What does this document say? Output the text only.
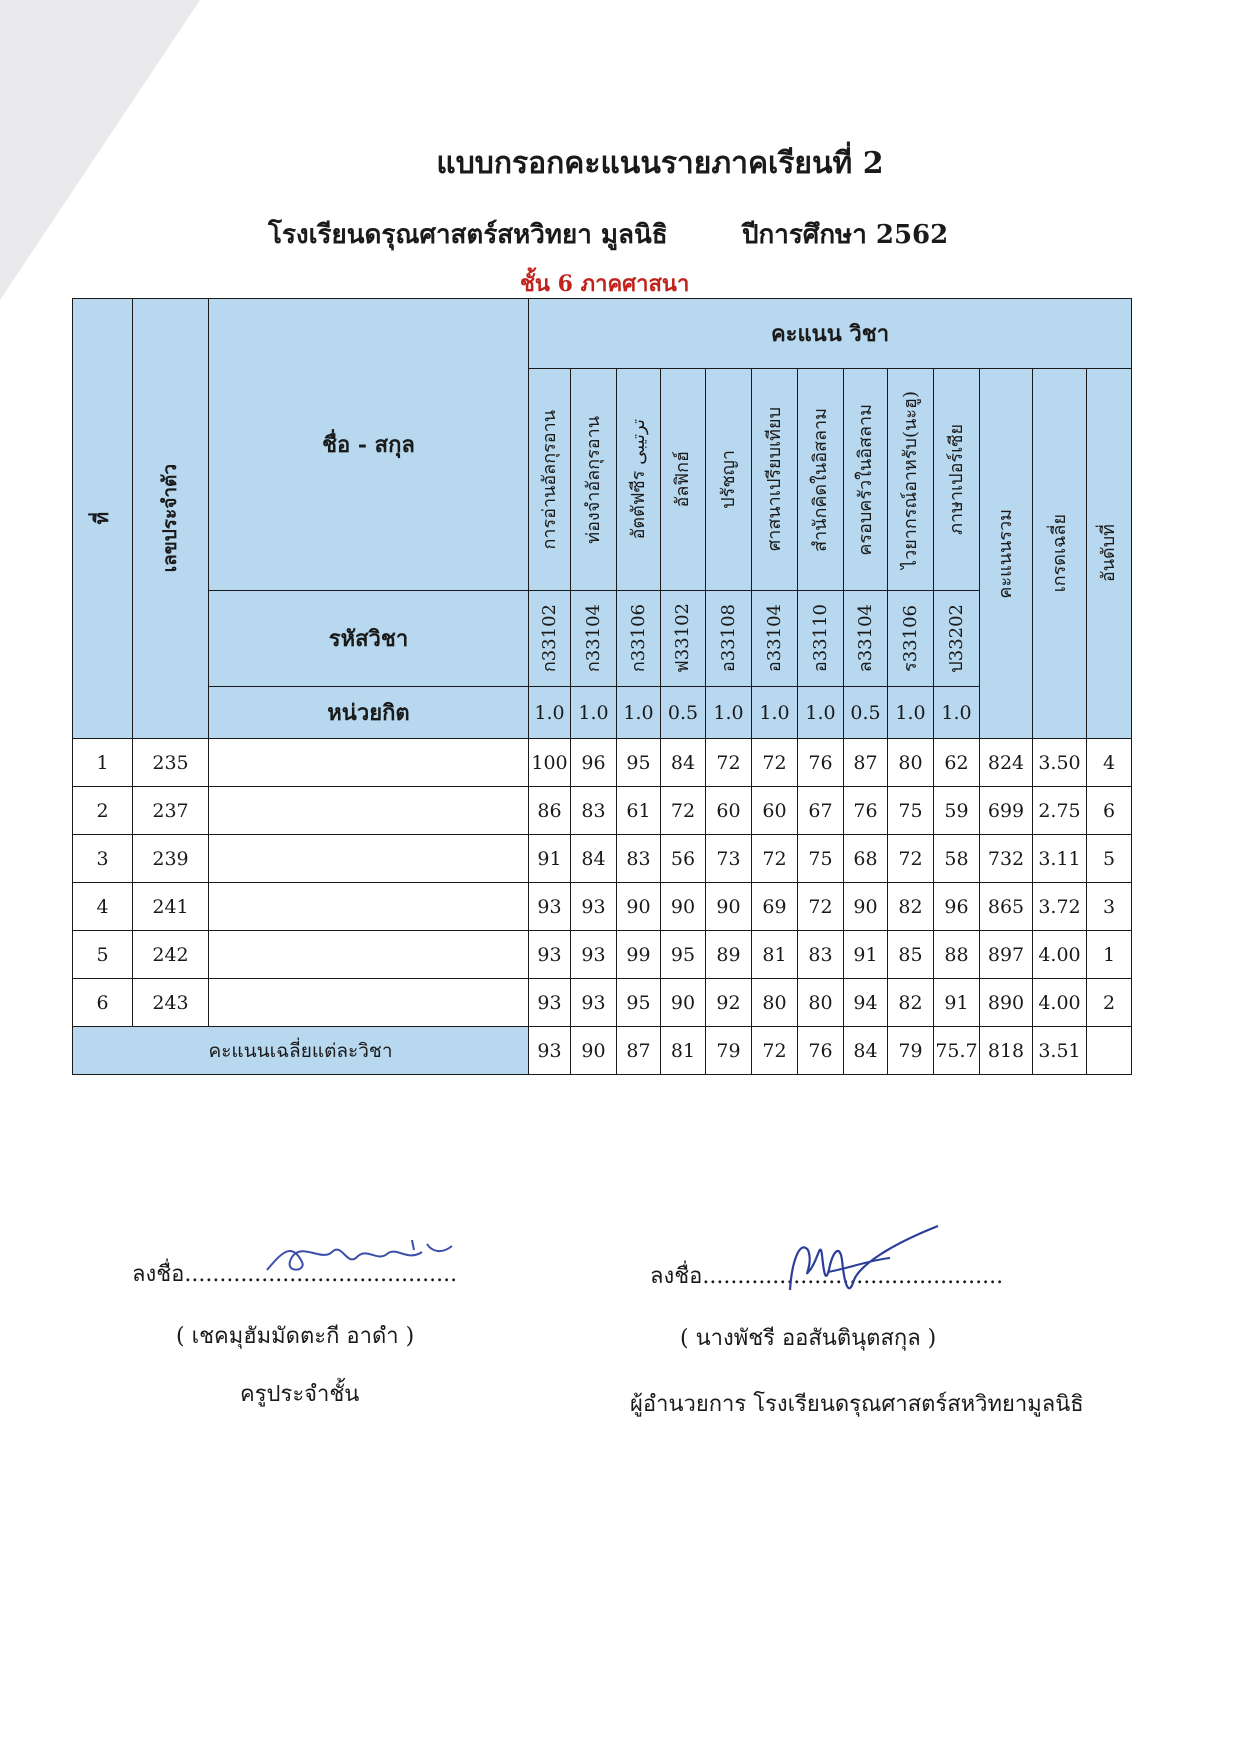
แบบกรอกคะแนนรายภาคเรียนที่ 2
โรงเรียนดรุณศาสตร์สหวิทยา มูลนิธิ	ปีการศึกษา 2562
ชั้น 6 ภาคศาสนา
ที่	เลขประจำตัว	ชื่อ - สกุล	คะแนน วิชา												

			การอ่านอัลกุรอาน	ท่องจำอัลกุรอาน	อัตตัฟซีร ترتيبى	อัลฟิกฮ์	ปรัชญา	ศาสนาเปรียบเทียบ	สำนักคิดในอิสลาม	ครอบครัวในอิสลาม	ไวยากรณ์อาหรับ(นะฮู)	ภาษาเปอร์เซีย	คะแนนรวม	เกรดเฉลี่ย	อันดับที่

		รหัสวิชา	ก33102	ก33104	ก33106	ฟ33102	อ33108	อ33104	อ33110	ล33104	ร33106	ป33202			

		หน่วยกิต	1.0	1.0	1.0	0.5	1.0	1.0	1.0	0.5	1.0	1.0			
1	235		100	96	95	84	72	72	76	87	80	62	824	3.50	4
2	237		86	83	61	72	60	60	67	76	75	59	699	2.75	6
3	239		91	84	83	56	73	72	75	68	72	58	732	3.11	5
4	241		93	93	90	90	90	69	72	90	82	96	865	3.72	3
5	242		93	93	99	95	89	81	83	91	85	88	897	4.00	1
6	243		93	93	95	90	92	80	80	94	82	91	890	4.00	2
คะแนนเฉลี่ยแต่ละวิชา			93	90	87	81	79	72	76	84	79	75.7	818	3.51	
ลงชื่อ.......................................
( เชคมุฮัมมัดตะกี อาดำ )
ครูประจำชั้น
ลงชื่อ...........................................
( นางพัชรี ออสันตินุตสกุล )
ผู้อำนวยการ โรงเรียนดรุณศาสตร์สหวิทยามูลนิธิ
